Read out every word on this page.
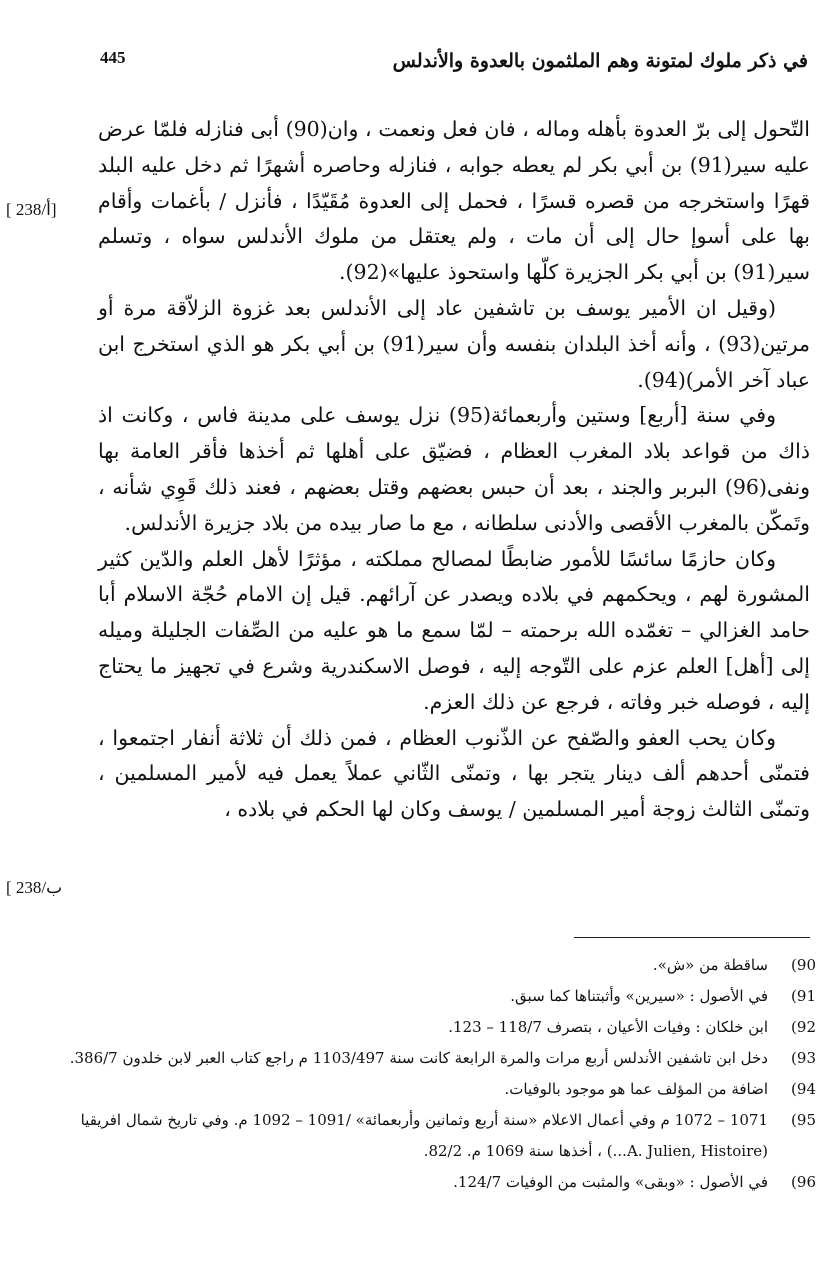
في ذكر ملوك لمتونة وهم الملثمون بالعدوة والأندلس
445
[ 238/أ]
[ 238/ب

التّحول إلى برّ العدوة بأهله وماله ، فان فعل ونعمت ، وان(90) أبى فنازله فلمّا عرض عليه سير(91) بن أبي بكر لم يعطه جوابه ، فنازله وحاصره أشهرًا ثم دخل عليه البلد قهرًا واستخرجه من قصره قسرًا ، فحمل إلى العدوة مُقَيّدًا ، فأنزل / بأغمات وأقام بها على أسوإ حال إلى أن مات ، ولم يعتقل من ملوك الأندلس سواه ، وتسلم سير(91) بن أبي بكر الجزيرة كلّها واستحوذ عليها»(92).

(وقيل ان الأمير يوسف بن تاشفين عاد إلى الأندلس بعد غزوة الزلاّقة مرة أو مرتين(93) ، وأنه أخذ البلدان بنفسه وأن سير(91) بن أبي بكر هو الذي استخرج ابن عباد آخر الأمر)(94).

وفي سنة [أربع] وستين وأربعمائة(95) نزل يوسف على مدينة فاس ، وكانت اذ ذاك من قواعد بلاد المغرب العظام ، فضيّق على أهلها ثم أخذها فأقر العامة بها ونفى(96) البربر والجند ، بعد أن حبس بعضهم وقتل بعضهم ، فعند ذلك قَوِي شأنه ، وتَمكّن بالمغرب الأقصى والأدنى سلطانه ، مع ما صار بيده من بلاد جزيرة الأندلس.

وكان حازمًا سائسًا للأمور ضابطًا لمصالح مملكته ، مؤثرًا لأهل العلم والدّين كثير المشورة لهم ، ويحكمهم في بلاده ويصدر عن آرائهم. قيل إن الامام حُجّة الاسلام أبا حامد الغزالي – تغمّده الله برحمته – لمّا سمع ما هو عليه من الصِّفات الجليلة وميله إلى [أهل] العلم عزم على التّوجه إليه ، فوصل الاسكندرية وشرع في تجهيز ما يحتاج إليه ، فوصله خبر وفاته ، فرجع عن ذلك العزم.

وكان يحب العفو والصّفح عن الذّنوب العظام ، فمن ذلك أن ثلاثة أنفار اجتمعوا ، فتمنّى أحدهم ألف دينار يتجر بها ، وتمنّى الثّاني عملاً يعمل فيه لأمير المسلمين ، وتمنّى الثالث زوجة أمير المسلمين / يوسف وكان لها الحكم في بلاده ،

(90
ساقطة من «ش».
(91
في الأصول : «سيرين» وأثبتناها كما سبق.
(92
ابن خلكان : وفيات الأعيان ، بتصرف 118/7 – 123.
(93
دخل ابن تاشفين الأندلس أربع مرات والمرة الرابعة كانت سنة 1103/497 م راجع كتاب العبر لابن خلدون 386/7.
(94
اضافة من المؤلف عما هو موجود بالوفيات.
(95
1071 – 1072 م وفي أعمال الاعلام «سنة أربع وثمانين وأربعمائة» /1091 – 1092 م. وفي تاريخ شمال افريقيا (A. Julien, Histoire...) ، أخذها سنة 1069 م. 82/2.
(96
في الأصول : «وبقى» والمثبت من الوفيات 124/7.
